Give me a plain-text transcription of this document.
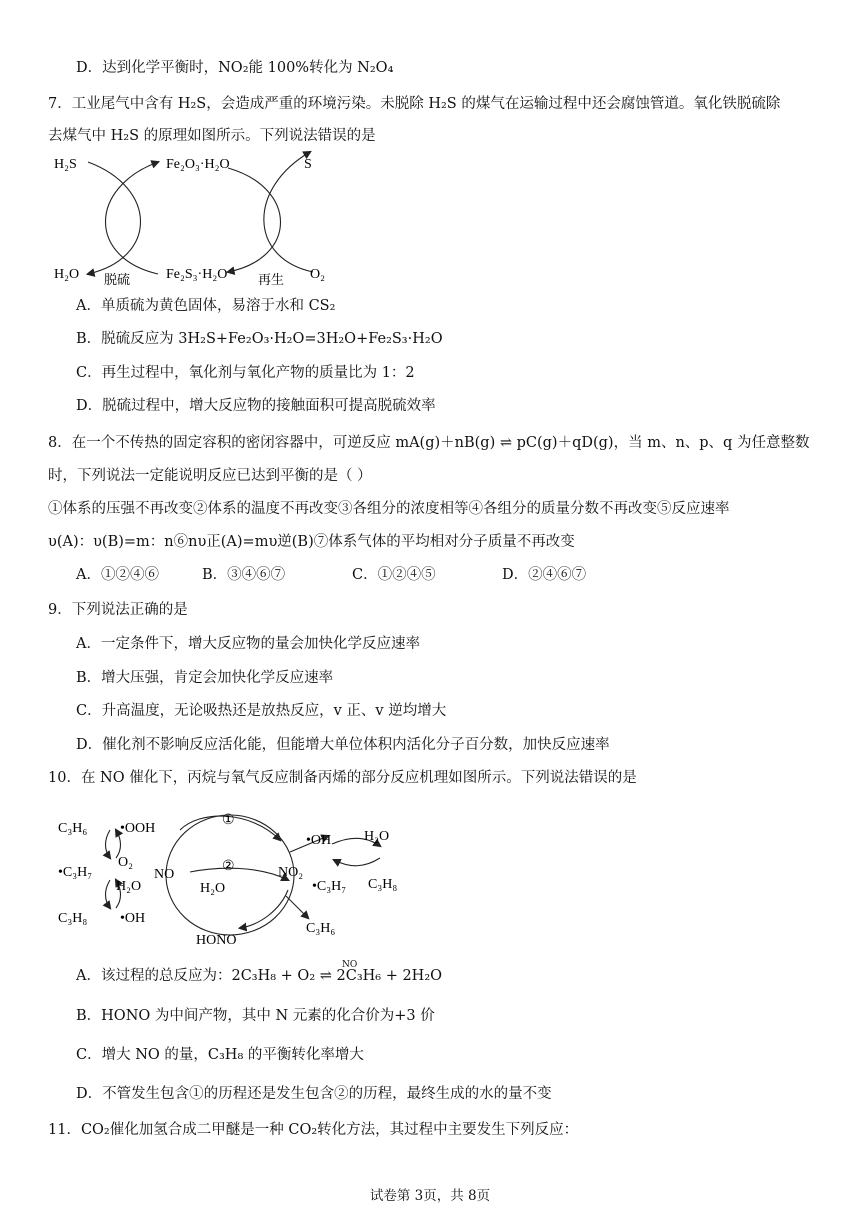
D．达到化学平衡时，NO₂能 100%转化为 N₂O₄
7．工业尾气中含有 H₂S，会造成严重的环境污染。未脱除 H₂S 的煤气在运输过程中还会腐蚀管道。氧化铁脱硫除
去煤气中 H₂S 的原理如图所示。下列说法错误的是
H₂S	Fe₂O₃·H₂O	S
H₂O	Fe₂S₃·H₂O	O₂
脱硫	再生
A．单质硫为黄色固体，易溶于水和 CS₂
B．脱硫反应为 3H₂S+Fe₂O₃·H₂O=3H₂O+Fe₂S₃·H₂O
C．再生过程中，氧化剂与氧化产物的质量比为 1：2
D．脱硫过程中，增大反应物的接触面积可提高脱硫效率
8．在一个不传热的固定容积的密闭容器中，可逆反应 mA(g)＋nB(g) ⇌ pC(g)＋qD(g)，当 m、n、p、q 为任意整数
时，下列说法一定能说明反应已达到平衡的是（ ）
①体系的压强不再改变②体系的温度不再改变③各组分的浓度相等④各组分的质量分数不再改变⑤反应速率
υ(A)：υ(B)=m：n⑥nυ正(A)=mυ逆(B)⑦体系气体的平均相对分子质量不再改变
A．①②④⑥	B．③④⑥⑦	C．①②④⑤	D．②④⑥⑦
9．下列说法正确的是
A．一定条件下，增大反应物的量会加快化学反应速率
B．增大压强，肯定会加快化学反应速率
C．升高温度，无论吸热还是放热反应，v 正、v 逆均增大
D．催化剂不影响反应活化能，但能增大单位体积内活化分子百分数，加快反应速率
10．在 NO 催化下，丙烷与氧气反应制备丙烯的部分反应机理如图所示。下列说法错误的是
C₃H₆ •OOH
O₂
•C₃H₇
H₂O
C₃H₈ •OH
NO
①
②
H₂O
NO₂
•C₃H₇
HONO
C₃H₆
•OH H₂O
C₃H₈
A．该过程的总反应为：2C₃H₈ + O₂ ⇌ 2C₃H₆ + 2H₂O
NO
B．HONO 为中间产物，其中 N 元素的化合价为+3 价
C．增大 NO 的量，C₃H₈ 的平衡转化率增大
D．不管发生包含①的历程还是发生包含②的历程，最终生成的水的量不变
11．CO₂催化加氢合成二甲醚是一种 CO₂转化方法，其过程中主要发生下列反应：
试卷第 3页，共 8页
